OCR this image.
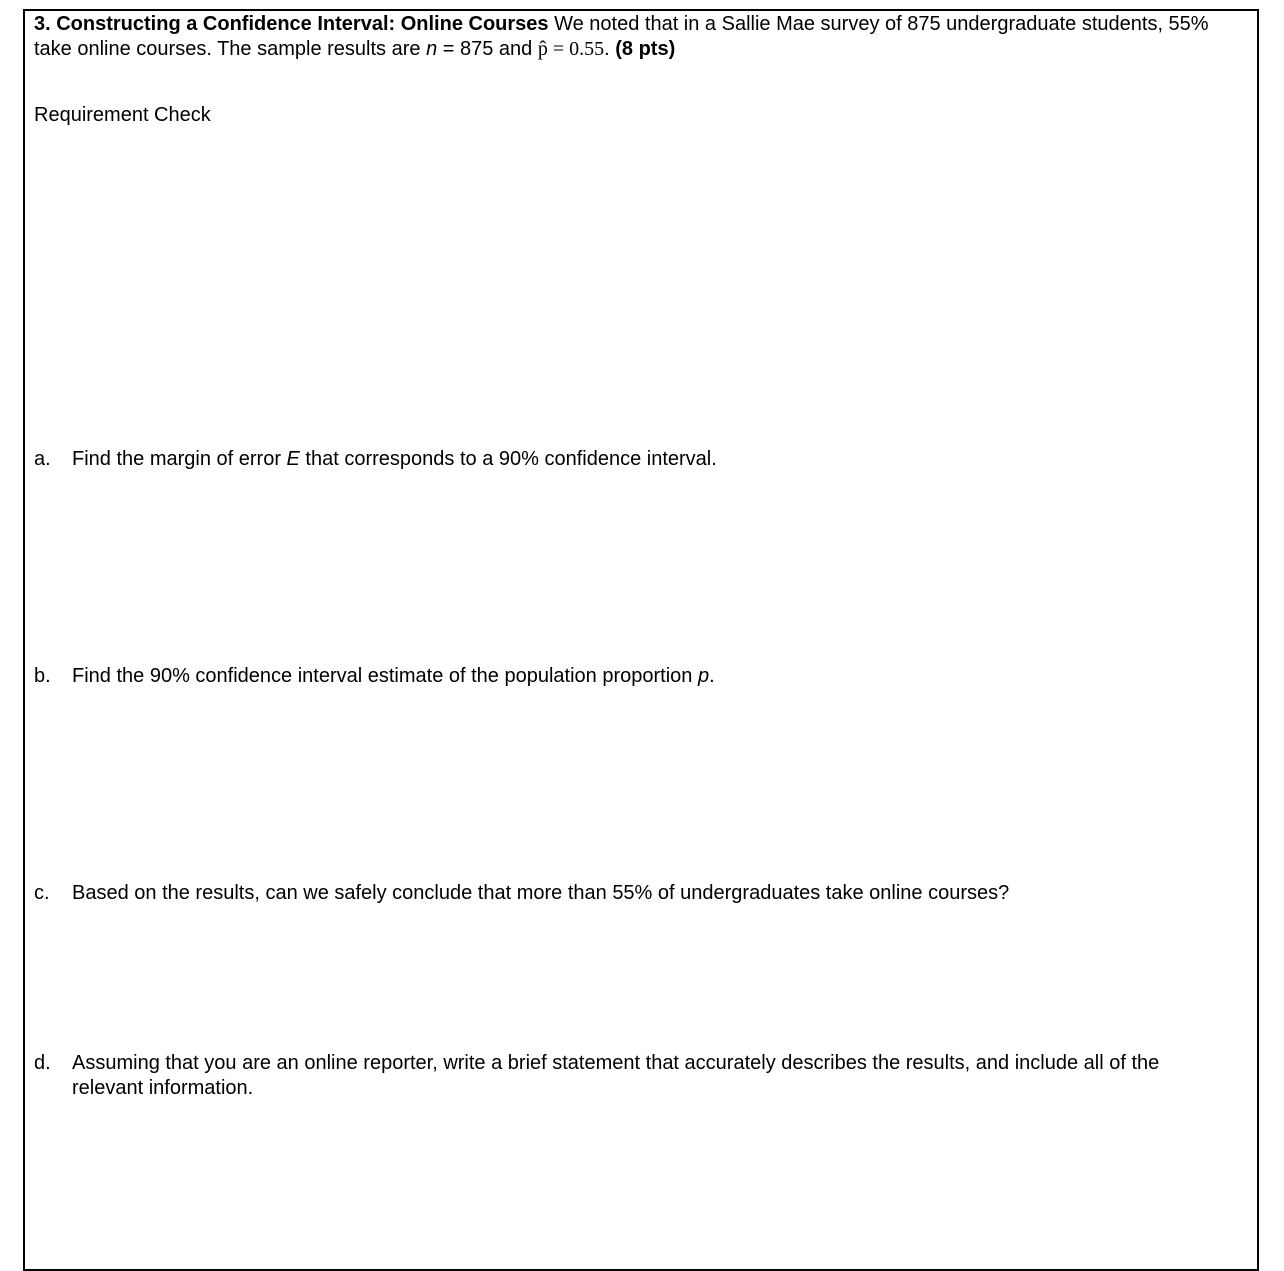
3. Constructing a Confidence Interval: Online Courses We noted that in a Sallie Mae survey of 875 undergraduate students, 55% take online courses. The sample results are n = 875 and p̂ = 0.55. (8 pts)
Requirement Check
a. Find the margin of error E that corresponds to a 90% confidence interval.
b. Find the 90% confidence interval estimate of the population proportion p.
c. Based on the results, can we safely conclude that more than 55% of undergraduates take online courses?
d. Assuming that you are an online reporter, write a brief statement that accurately describes the results, and include all of the relevant information.
